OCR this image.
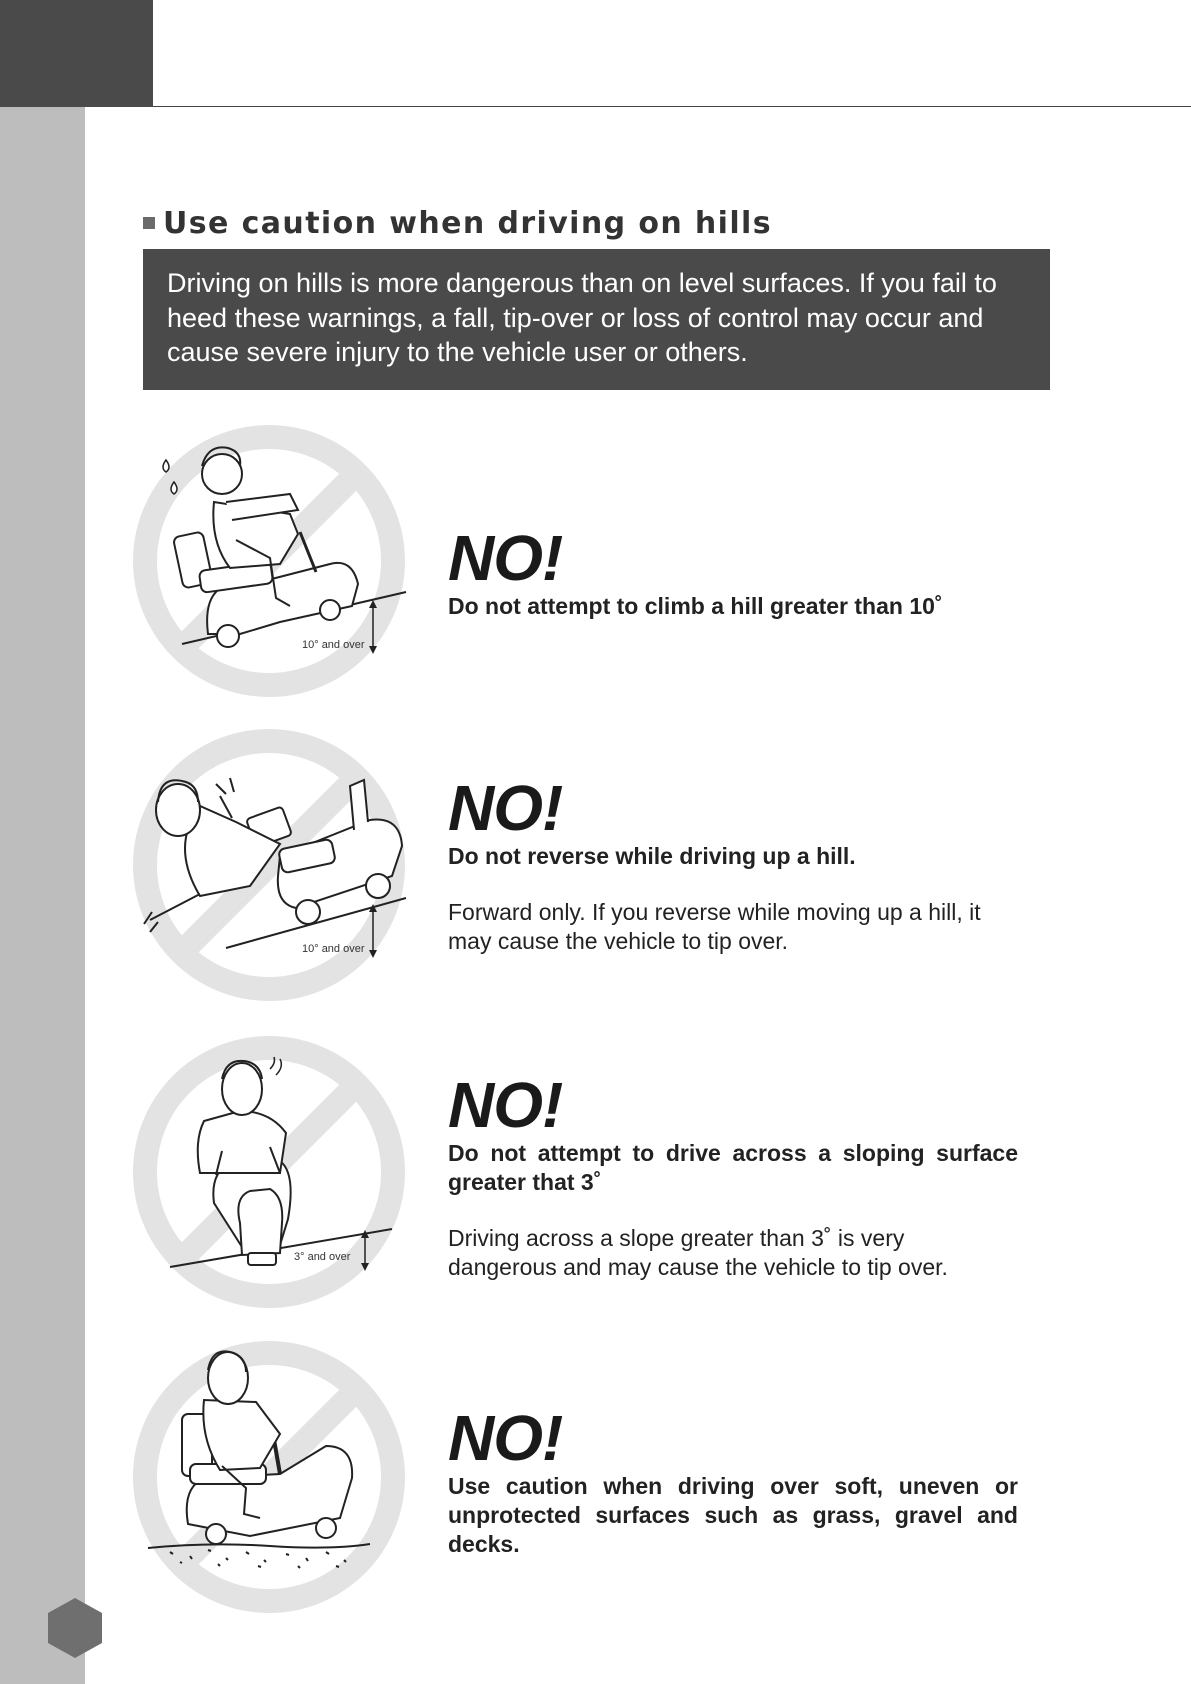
Use caution when driving on hills
Driving on hills is more dangerous than on level surfaces. If you fail to heed these warnings, a fall, tip-over or loss of control may occur and cause severe injury to the vehicle user or others.
10° and over
NO!
Do not attempt to climb a hill greater than 10˚
10° and over
NO!
Do not reverse while driving up a hill.
Forward only. If you reverse while moving up a hill, it may cause the vehicle to tip over.
3° and over
NO!
Do not attempt to drive across a sloping surface greater that 3˚
Driving across a slope greater than 3˚ is very dangerous and may cause the vehicle to tip over.
NO!
Use caution when driving over soft, uneven or unprotected surfaces such as grass, gravel and decks.
